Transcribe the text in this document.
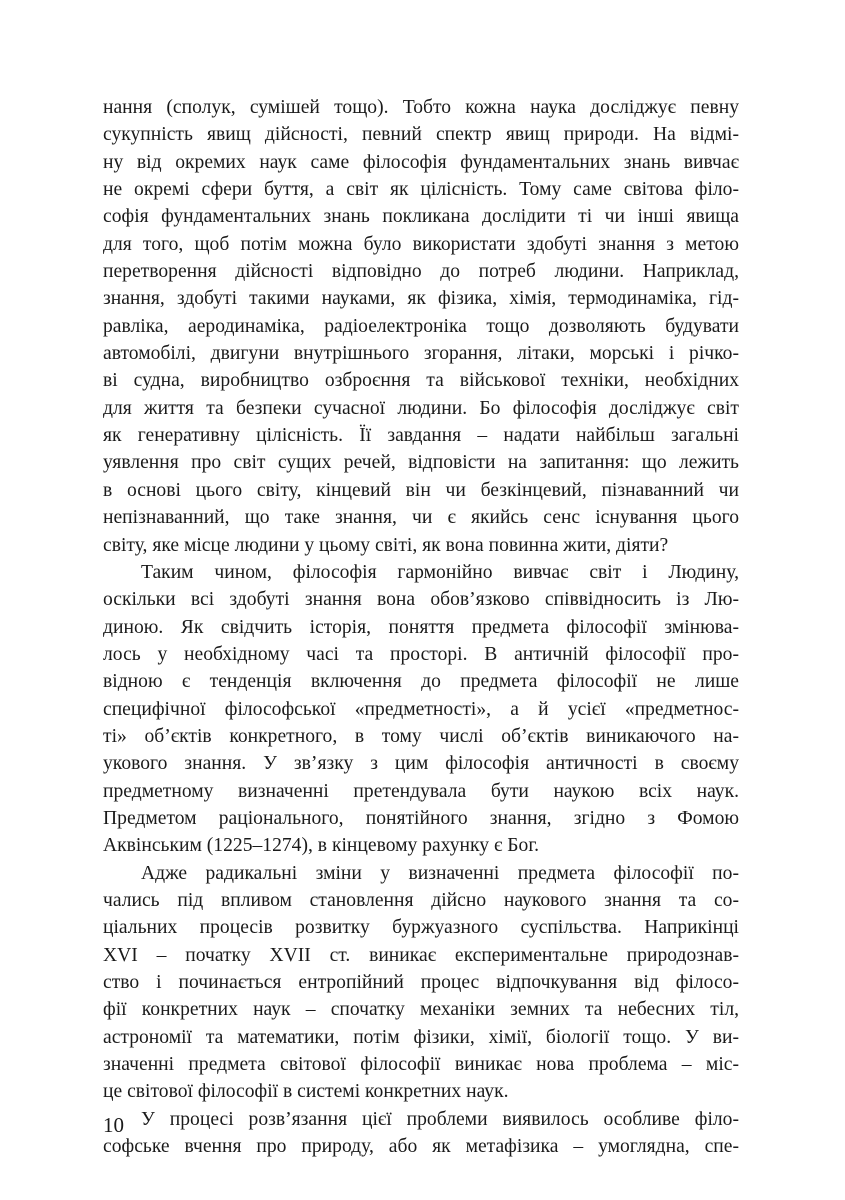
нання (сполук, сумішей тощо). Тобто кожна наука досліджує певну
сукупність явищ дійсності, певний спектр явищ природи. На відмі-
ну від окремих наук саме філософія фундаментальних знань вивчає
не окремі сфери буття, а світ як цілісність. Тому саме світова філо-
софія фундаментальних знань покликана дослідити ті чи інші явища
для того, щоб потім можна було використати здобуті знання з метою
перетворення дійсності відповідно до потреб людини. Наприклад,
знання, здобуті такими науками, як фізика, хімія, термодинаміка, гід-
равліка, аеродинаміка, радіоелектроніка тощо дозволяють будувати
автомобілі, двигуни внутрішнього згорання, літаки, морські і річко-
ві судна, виробництво озброєння та військової техніки, необхідних
для життя та безпеки сучасної людини. Бо філософія досліджує світ
як генеративну цілісність. Її завдання – надати найбільш загальні
уявлення про світ сущих речей, відповісти на запитання: що лежить
в основі цього світу, кінцевий він чи безкінцевий, пізнаванний чи
непізнаванний, що таке знання, чи є якийсь сенс існування цього
світу, яке місце людини у цьому світі, як вона повинна жити, діяти?
Таким чином, філософія гармонійно вивчає світ і Людину,
оскільки всі здобуті знання вона обов’язково співвідносить із Лю-
диною. Як свідчить історія, поняття предмета філософії змінюва-
лось у необхідному часі та просторі. В античній філософії про-
відною є тенденція включення до предмета філософії не лише
специфічної філософської «предметності», а й усієї «предметнос-
ті» об’єктів конкретного, в тому числі об’єктів виникаючого на-
укового знання. У зв’язку з цим філософія античності в своєму
предметному визначенні претендувала бути наукою всіх наук.
Предметом раціонального, понятійного знання, згідно з Фомою
Аквінським (1225–1274), в кінцевому рахунку є Бог.
Адже радикальні зміни у визначенні предмета філософії по-
чались під впливом становлення дійсно наукового знання та со-
ціальних процесів розвитку буржуазного суспільства. Наприкінці
XVI – початку XVII ст. виникає експериментальне природознав-
ство і починається ентропійний процес відпочкування від філосо-
фії конкретних наук – спочатку механіки земних та небесних тіл,
астрономії та математики, потім фізики, хімії, біології тощо. У ви-
значенні предмета світової філософії виникає нова проблема – міс-
це світової філософії в системі конкретних наук.
У процесі розв’язання цієї проблеми виявилось особливе філо-
софське вчення про природу, або як метафізика – умоглядна, спе-
10
